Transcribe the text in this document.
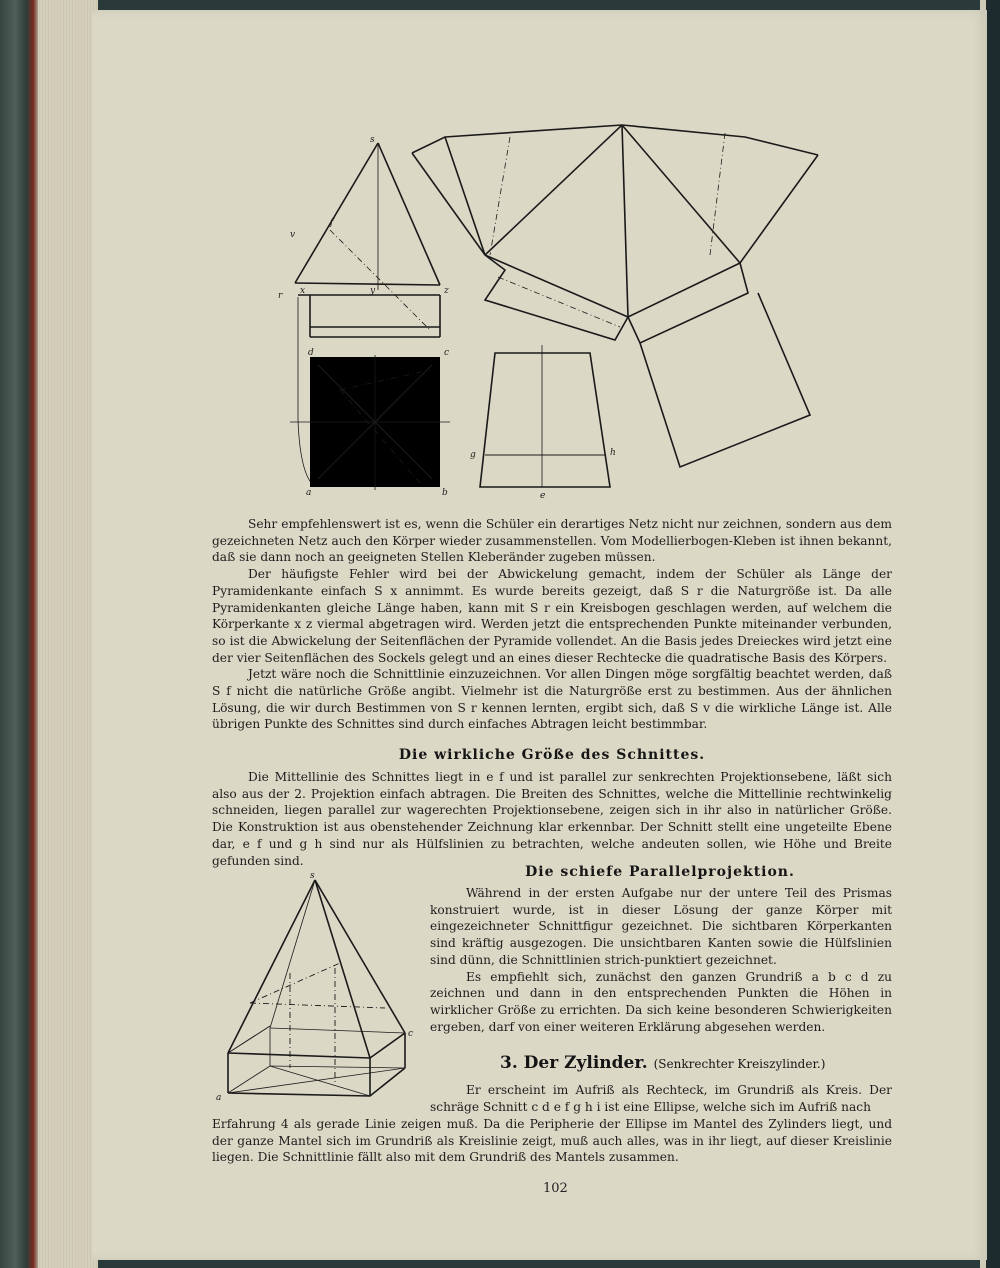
s
v
f
r x	y	z
d
a	b
c
g	h
e

Sehr empfehlenswert ist es, wenn die Schüler ein derartiges Netz nicht nur zeichnen, sondern aus dem gezeichneten Netz auch den Körper wieder zusammenstellen. Vom Modellierbogen-Kleben ist ihnen bekannt, daß sie dann noch an geeigneten Stellen Kleberänder zugeben müssen.

Der häufigste Fehler wird bei der Abwickelung gemacht, indem der Schüler als Länge der Pyramidenkante einfach S x annimmt. Es wurde bereits gezeigt, daß S r die Naturgröße ist. Da alle Pyramidenkanten gleiche Länge haben, kann mit S r ein Kreisbogen geschlagen werden, auf welchem die Körperkante x z viermal abgetragen wird. Werden jetzt die entsprechenden Punkte miteinander verbunden, so ist die Abwickelung der Seitenflächen der Pyramide vollendet. An die Basis jedes Dreieckes wird jetzt eine der vier Seitenflächen des Sockels gelegt und an eines dieser Rechtecke die quadratische Basis des Körpers.

Jetzt wäre noch die Schnittlinie einzuzeichnen. Vor allen Dingen möge sorgfältig beachtet werden, daß S f nicht die natürliche Größe angibt. Vielmehr ist die Naturgröße erst zu bestimmen. Aus der ähnlichen Lösung, die wir durch Bestimmen von S r kennen lernten, ergibt sich, daß S v die wirkliche Länge ist. Alle übrigen Punkte des Schnittes sind durch einfaches Abtragen leicht bestimmbar.

Die wirkliche Größe des Schnittes.

Die Mittellinie des Schnittes liegt in e f und ist parallel zur senkrechten Projektionsebene, läßt sich also aus der 2. Projektion einfach abtragen. Die Breiten des Schnittes, welche die Mittellinie rechtwinkelig schneiden, liegen parallel zur wagerechten Projektionsebene, zeigen sich in ihr also in natürlicher Größe. Die Konstruktion ist aus obenstehender Zeichnung klar erkennbar. Der Schnitt stellt eine ungeteilte Ebene dar, e f und g h sind nur als Hülfslinien zu betrachten, welche andeuten sollen, wie Höhe und Breite gefunden sind.

s
a
c
Die schiefe Parallelprojektion.

Während in der ersten Aufgabe nur der untere Teil des Prismas konstruiert wurde, ist in dieser Lösung der ganze Körper mit eingezeichneter Schnittfigur gezeichnet. Die sichtbaren Körperkanten sind kräftig ausgezogen. Die unsichtbaren Kanten sowie die Hülfslinien sind dünn, die Schnittlinien strich-punktiert gezeichnet.

Es empfiehlt sich, zunächst den ganzen Grundriß a b c d zu zeichnen und dann in den entsprechenden Punkten die Höhen in wirklicher Größe zu errichten. Da sich keine besonderen Schwierigkeiten ergeben, darf von einer weiteren Erklärung abgesehen werden.

3. Der Zylinder. (Senkrechter Kreiszylinder.)

Er erscheint im Aufriß als Rechteck, im Grundriß als Kreis. Der schräge Schnitt c d e f g h i ist eine Ellipse, welche sich im Aufriß nach

Erfahrung 4 als gerade Linie zeigen muß. Da die Peripherie der Ellipse im Mantel des Zylinders liegt, und der ganze Mantel sich im Grundriß als Kreislinie zeigt, muß auch alles, was in ihr liegt, auf dieser Kreislinie liegen. Die Schnittlinie fällt also mit dem Grundriß des Mantels zusammen.

102
